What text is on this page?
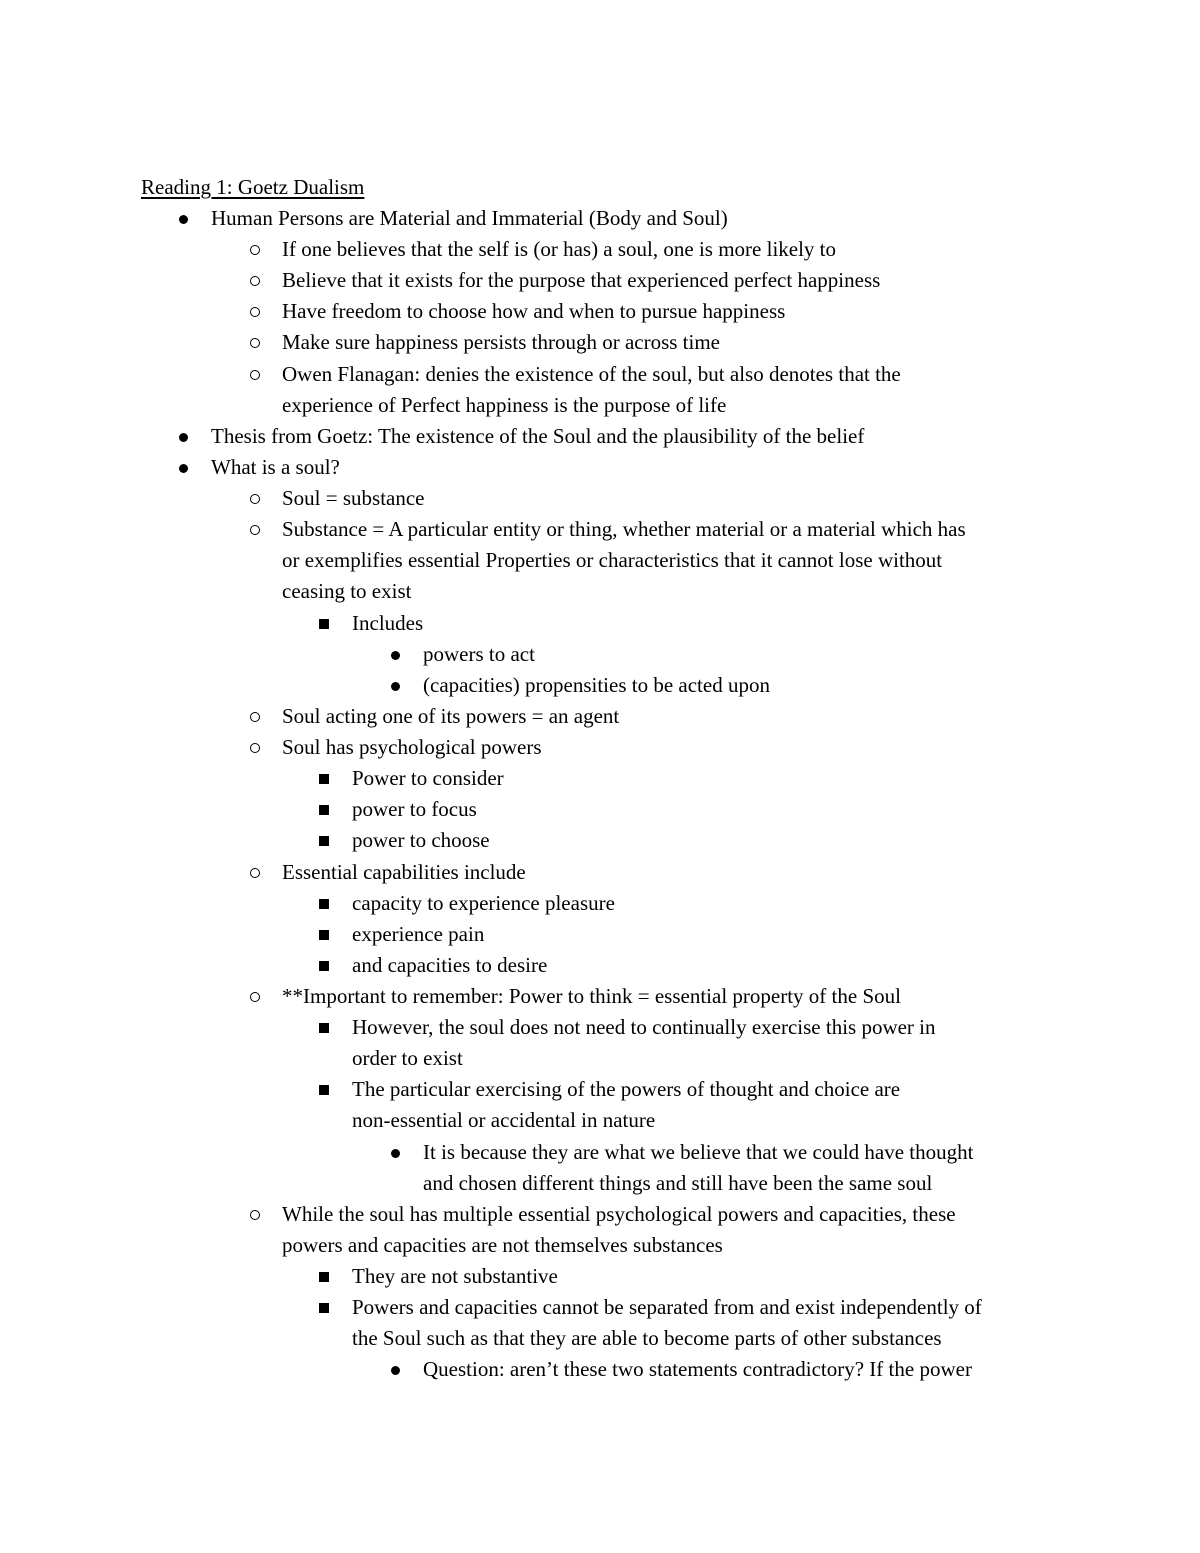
Reading 1: Goetz Dualism
Human Persons are Material and Immaterial (Body and Soul)
If one believes that the self is (or has) a soul, one is more likely to
Believe that it exists for the purpose that experienced perfect happiness
Have freedom to choose how and when to pursue happiness
Make sure happiness persists through or across time
Owen Flanagan: denies the existence of the soul, but also denotes that the
experience of Perfect happiness is the purpose of life
Thesis from Goetz: The existence of the Soul and the plausibility of the belief
What is a soul?
Soul = substance
Substance = A particular entity or thing, whether material or a material which has
or exemplifies essential Properties or characteristics that it cannot lose without
ceasing to exist
Includes
powers to act
(capacities) propensities to be acted upon
Soul acting one of its powers = an agent
Soul has psychological powers
Power to consider
power to focus
power to choose
Essential capabilities include
capacity to experience pleasure
experience pain
and capacities to desire
**Important to remember: Power to think = essential property of the Soul
However, the soul does not need to continually exercise this power in
order to exist
The particular exercising of the powers of thought and choice are
non-essential or accidental in nature
It is because they are what we believe that we could have thought
and chosen different things and still have been the same soul
While the soul has multiple essential psychological powers and capacities, these
powers and capacities are not themselves substances
They are not substantive
Powers and capacities cannot be separated from and exist independently of
the Soul such as that they are able to become parts of other substances
Question: aren’t these two statements contradictory? If the power
